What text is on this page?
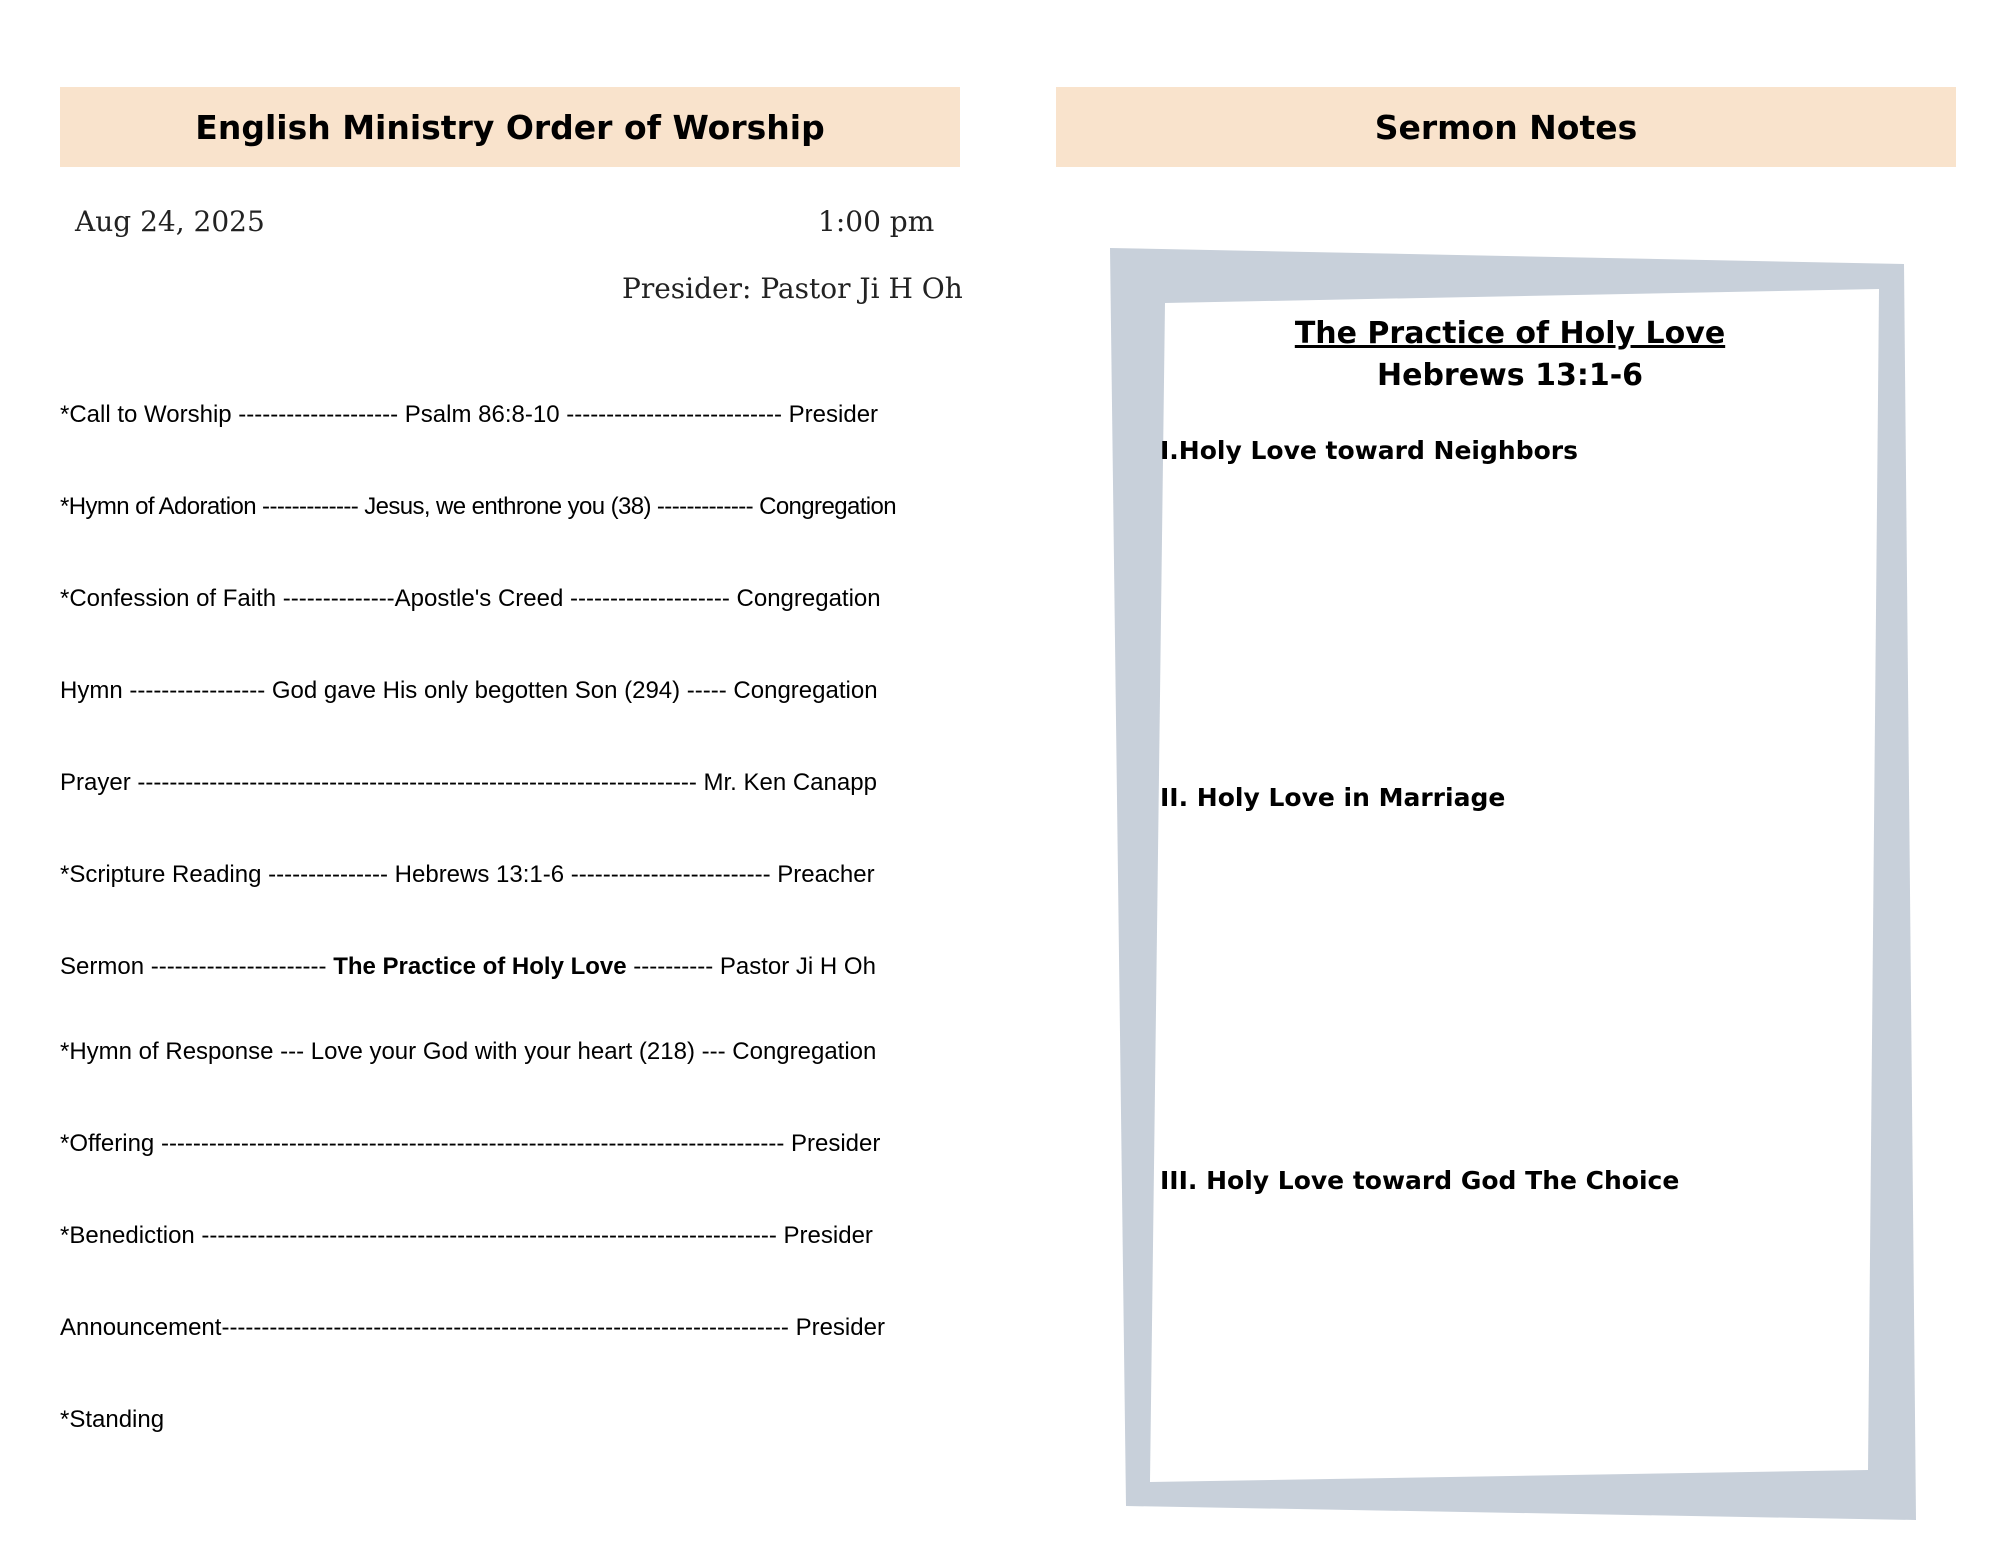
English Ministry Order of Worship	Sermon Notes
Aug 24, 2025	1:00 pm
Presider: Pastor Ji H Oh
*Call to Worship -------------------- Psalm 86:8-10 --------------------------- Presider
*Hymn of Adoration ------------- Jesus, we enthrone you (38) ------------- Congregation
*Confession of Faith --------------Apostle's Creed -------------------- Congregation
Hymn ----------------- God gave His only begotten Son (294) ----- Congregation
Prayer ---------------------------------------------------------------------- Mr. Ken Canapp
*Scripture Reading --------------- Hebrews 13:1-6 ------------------------- Preacher
Sermon ---------------------- The Practice of Holy Love ---------- Pastor Ji H Oh
*Hymn of Response --- Love your God with your heart (218) --- Congregation
*Offering ------------------------------------------------------------------------------ Presider
*Benediction ------------------------------------------------------------------------ Presider
Announcement----------------------------------------------------------------------- Presider
*Standing
The Practice of Holy Love
Hebrews 13:1-6
I.Holy Love toward Neighbors
II. Holy Love in Marriage
III. Holy Love toward God The Choice
